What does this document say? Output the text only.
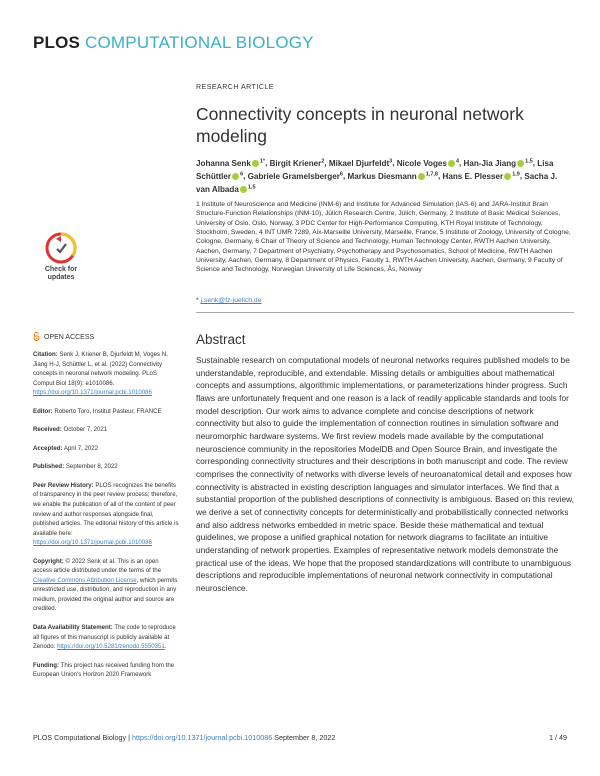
PLOS COMPUTATIONAL BIOLOGY
RESEARCH ARTICLE
Connectivity concepts in neuronal network modeling
Johanna Senk $^{1*}$, Birgit Kriener$^2$, Mikael Djurfeldt$^3$, Nicole Voges $^4$, Han-Jia Jiang $^{1,5}$, Lisa Schüttler $^6$, Gabriele Gramelsberger$^6$, Markus Diesmann $^{1,7,8}$, Hans E. Plesser $^{1,9}$, Sacha J. van Albada $^{1,5}$
1 Institute of Neuroscience and Medicine (INM-6) and Institute for Advanced Simulation (IAS-6) and JARA-Institut Brain Structure-Function Relationships (INM-10), Jülich Research Centre, Jülich, Germany, 2 Institute of Basic Medical Sciences, University of Oslo, Oslo, Norway, 3 PDC Center for High-Performance Computing, KTH Royal Institute of Technology, Stockholm, Sweden, 4 INT UMR 7289, Aix-Marseille University, Marseille, France, 5 Institute of Zoology, University of Cologne, Cologne, Germany, 6 Chair of Theory of Science and Technology, Human Technology Center, RWTH Aachen University, Aachen, Germany, 7 Department of Psychiatry, Psychotherapy and Psychosomatics, School of Medicine, RWTH Aachen University, Aachen, Germany, 8 Department of Physics, Faculty 1, RWTH Aachen University, Aachen, Germany, 9 Faculty of Science and Technology, Norwegian University of Life Sciences, Ås, Norway
* j.senk@fz-juelich.de
Abstract
Sustainable research on computational models of neuronal networks requires published models to be understandable, reproducible, and extendable. Missing details or ambiguities about mathematical concepts and assumptions, algorithmic implementations, or parameterizations hinder progress. Such flaws are unfortunately frequent and one reason is a lack of readily applicable standards and tools for model description. Our work aims to advance complete and concise descriptions of network connectivity but also to guide the implementation of connection routines in simulation software and neuromorphic hardware systems. We first review models made available by the computational neuroscience community in the repositories ModelDB and Open Source Brain, and investigate the corresponding connectivity structures and their descriptions in both manuscript and code. The review comprises the connectivity of networks with diverse levels of neuroanatomical detail and exposes how connectivity is abstracted in existing description languages and simulator interfaces. We find that a substantial proportion of the published descriptions of connectivity is ambiguous. Based on this review, we derive a set of connectivity concepts for deterministically and probabilistically connected networks and also address networks embedded in metric space. Beside these mathematical and textual guidelines, we propose a unified graphical notation for network diagrams to facilitate an intuitive understanding of network properties. Examples of representative network models demonstrate the practical use of the ideas. We hope that the proposed standardizations will contribute to unambiguous descriptions and reproducible implementations of neuronal network connectivity in computational neuroscience.
Check for
updates
OPEN ACCESS

Citation: Senk J, Kriener B, Djurfeldt M, Voges N, Jiang H-J, Schüttler L, et al. (2022) Connectivity concepts in neuronal network modeling. PLoS Comput Biol 18(9): e1010086. https://doi.org/10.1371/journal.pcbi.1010086

Editor: Roberto Toro, Institut Pasteur, FRANCE

Received: October 7, 2021

Accepted: April 7, 2022

Published: September 8, 2022

Peer Review History: PLOS recognizes the benefits of transparency in the peer review process; therefore, we enable the publication of all of the content of peer review and author responses alongside final, published articles. The editorial history of this article is available here: https://doi.org/10.1371/journal.pcbi.1010086

Copyright: © 2022 Senk et al. This is an open access article distributed under the terms of the Creative Commons Attribution License, which permits unrestricted use, distribution, and reproduction in any medium, provided the original author and source are credited.

Data Availability Statement: The code to reproduce all figures of this manuscript is publicly available at Zenodo: https://doi.org/10.5281/zenodo.5550351.

Funding: This project has received funding from the European Union's Horizon 2020 Framework

PLOS Computational Biology | https://doi.org/10.1371/journal.pcbi.1010086 September 8, 2022	1 / 49
